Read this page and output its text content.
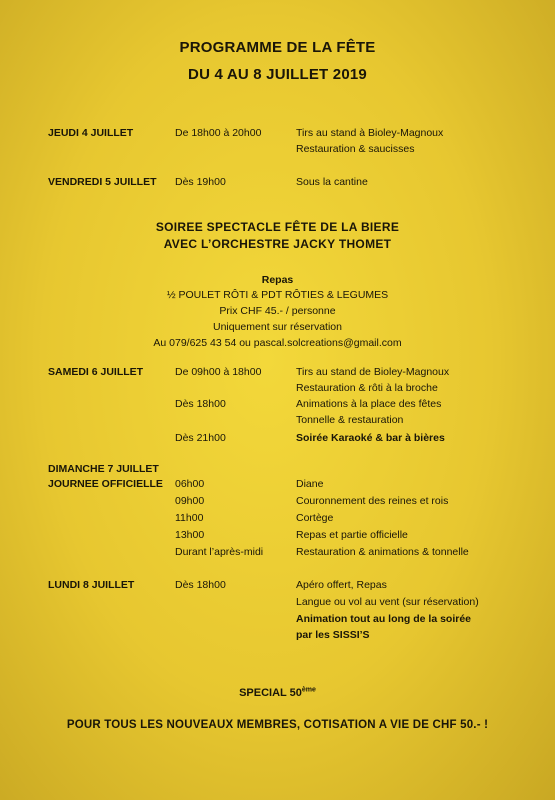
PROGRAMME DE LA FÊTE
DU 4 AU 8 JUILLET 2019
JEUDI 4 JUILLET	De 18h00 à 20h00	Tirs au stand à Bioley-Magnoux
Restauration & saucisses
VENDREDI 5 JUILLET Dès 19h00	Sous la cantine
SOIREE SPECTACLE FÊTE DE LA BIERE
AVEC L’ORCHESTRE JACKY THOMET
Repas
½ POULET RÔTI & PDT RÔTIES & LEGUMES
Prix CHF 45.- / personne
Uniquement sur réservation
Au 079/625 43 54 ou pascal.solcreations@gmail.com
SAMEDI 6 JUILLET	De 09h00 à 18h00	Tirs au stand de Bioley-Magnoux
Restauration & rôti à la broche
Dès 18h00	Animations à la place des fêtes
Tonnelle & restauration
Dès 21h00	Soirée Karaoké & bar à bières
DIMANCHE 7 JUILLET
JOURNEE OFFICIELLE 06h00	Diane
09h00	Couronnement des reines et rois
11h00	Cortège
13h00	Repas et partie officielle
Durant l’après-midi	Restauration & animations & tonnelle
LUNDI 8 JUILLET	Dès 18h00	Apéro offert, Repas
Langue ou vol au vent (sur réservation)
Animation tout au long de la soirée
par les SISSI’S
SPECIAL 50ème
POUR TOUS LES NOUVEAUX MEMBRES, COTISATION A VIE DE CHF 50.- !
